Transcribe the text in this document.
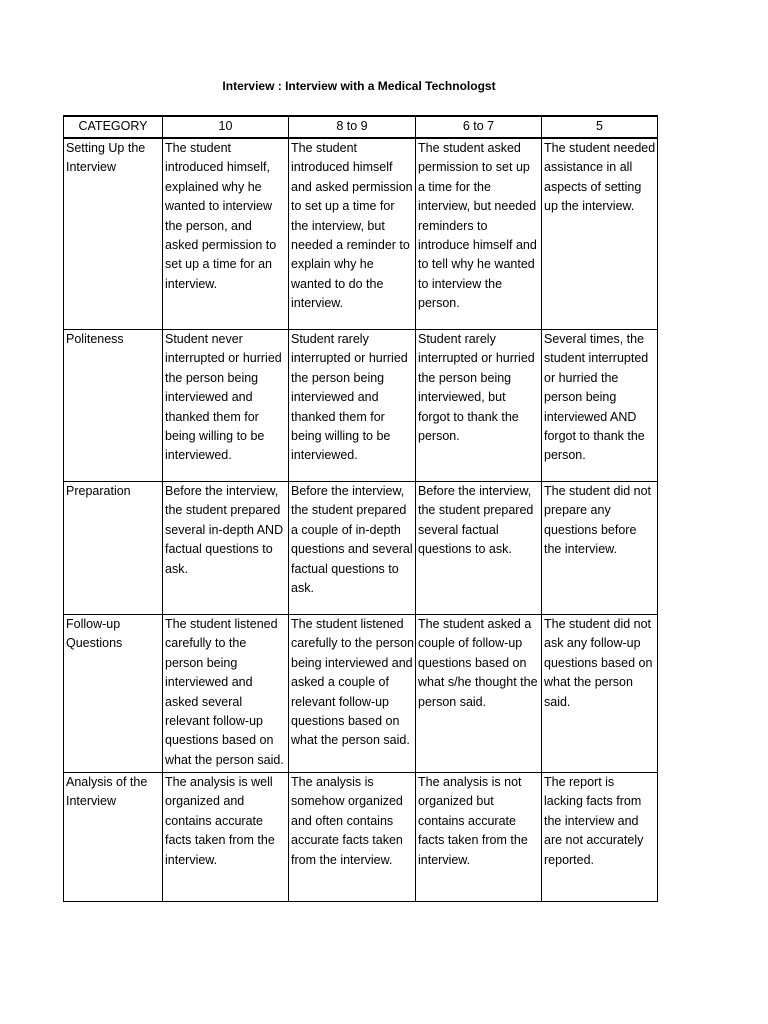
Interview : Interview with a Medical Technologst
CATEGORY	10	8 to 9	6 to 7	5
Setting Up the Interview	The student introduced himself, explained why he wanted to interview the person, and asked permission to set up a time for an interview.	The student introduced himself and asked permission to set up a time for the interview, but needed a reminder to explain why he wanted to do the interview.	The student asked permission to set up a time for the interview, but needed reminders to introduce himself and to tell why he wanted to interview the person.	The student needed assistance in all aspects of setting up the interview.
Politeness	Student never interrupted or hurried the person being interviewed and thanked them for being willing to be interviewed.	Student rarely interrupted or hurried the person being interviewed and thanked them for being willing to be interviewed.	Student rarely interrupted or hurried the person being interviewed, but forgot to thank the person.	Several times, the student interrupted or hurried the person being interviewed AND forgot to thank the person.
Preparation	Before the interview, the student prepared several in-depth AND factual questions to ask.	Before the interview, the student prepared a couple of in-depth questions and several factual questions to ask.	Before the interview, the student prepared several factual questions to ask.	The student did not prepare any questions before the interview.
Follow-up Questions	The student listened carefully to the person being interviewed and asked several relevant follow-up questions based on what the person said.	The student listened carefully to the person being interviewed and asked a couple of relevant follow-up questions based on what the person said.	The student asked a couple of follow-up questions based on what s/he thought the person said.	The student did not ask any follow-up questions based on what the person said.
Analysis of the Interview	The analysis is well organized and contains accurate facts taken from the interview.	The analysis is somehow organized and often contains accurate facts taken from the interview.	The analysis is not organized but contains accurate facts taken from the interview.	The report is lacking facts from the interview and are not accurately reported.
